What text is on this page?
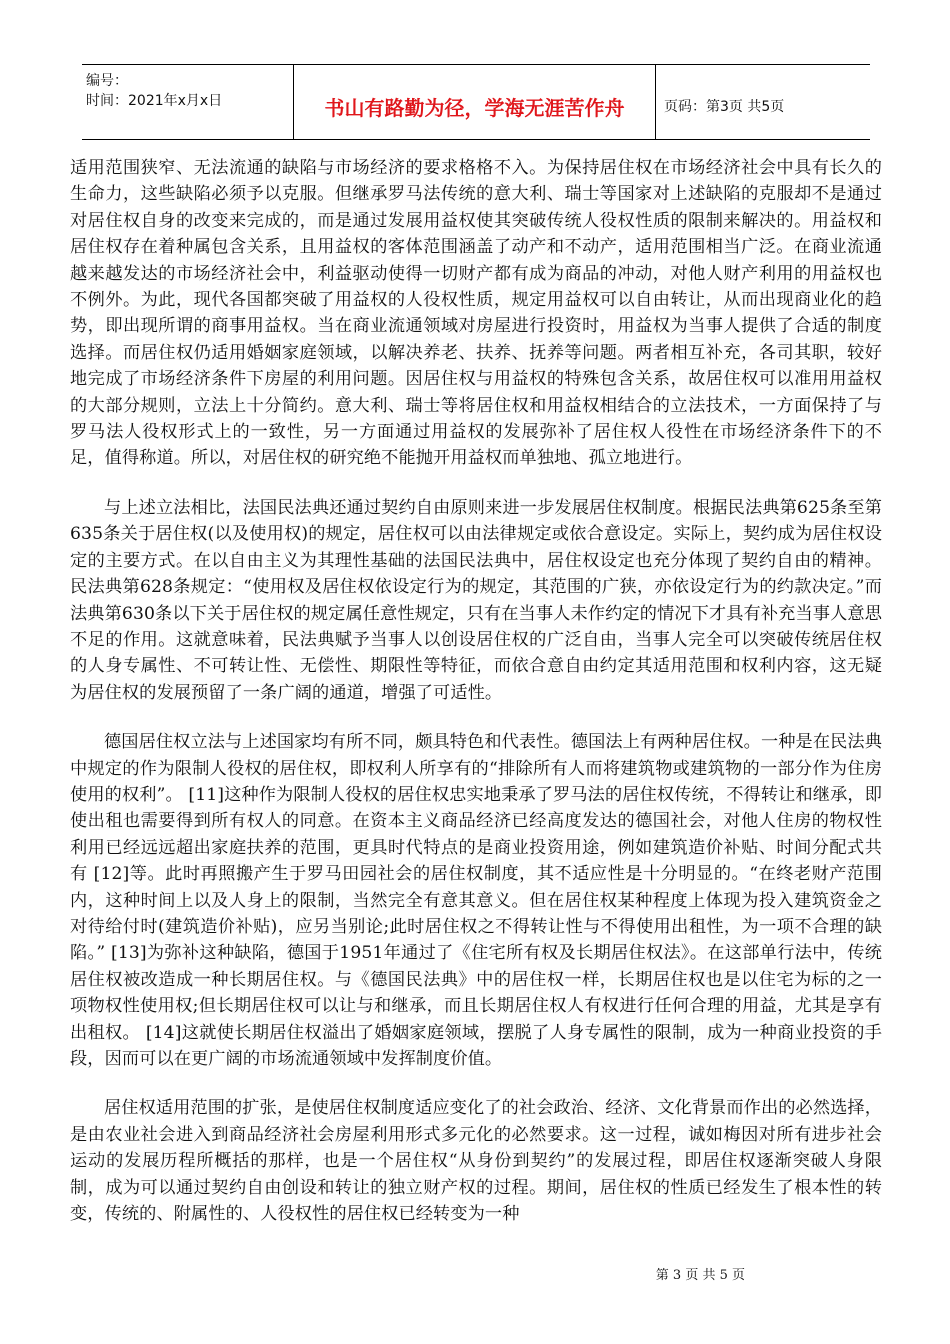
编号：
时间：2021年x月x日	书山有路勤为径，学海无涯苦作舟	页码：第3页 共5页

适用范围狭窄、无法流通的缺陷与市场经济的要求格格不入。为保持居住权在市场经济社会中具有长久的生命力，这些缺陷必须予以克服。但继承罗马法传统的意大利、瑞士等国家对上述缺陷的克服却不是通过对居住权自身的改变来完成的，而是通过发展用益权使其突破传统人役权性质的限制来解决的。用益权和居住权存在着种属包含关系，且用益权的客体范围涵盖了动产和不动产，适用范围相当广泛。在商业流通越来越发达的市场经济社会中，利益驱动使得一切财产都有成为商品的冲动，对他人财产利用的用益权也不例外。为此，现代各国都突破了用益权的人役权性质，规定用益权可以自由转让，从而出现商业化的趋势，即出现所谓的商事用益权。当在商业流通领域对房屋进行投资时，用益权为当事人提供了合适的制度选择。而居住权仍适用婚姻家庭领域，以解决养老、扶养、抚养等问题。两者相互补充，各司其职，较好地完成了市场经济条件下房屋的利用问题。因居住权与用益权的特殊包含关系，故居住权可以准用用益权的大部分规则，立法上十分简约。意大利、瑞士等将居住权和用益权相结合的立法技术，一方面保持了与罗马法人役权形式上的一致性，另一方面通过用益权的发展弥补了居住权人役性在市场经济条件下的不足，值得称道。所以，对居住权的研究绝不能抛开用益权而单独地、孤立地进行。

与上述立法相比，法国民法典还通过契约自由原则来进一步发展居住权制度。根据民法典第625条至第635条关于居住权(以及使用权)的规定，居住权可以由法律规定或依合意设定。实际上，契约成为居住权设定的主要方式。在以自由主义为其理性基础的法国民法典中，居住权设定也充分体现了契约自由的精神。民法典第628条规定：“使用权及居住权依设定行为的规定，其范围的广狭，亦依设定行为的约款决定。”而法典第630条以下关于居住权的规定属任意性规定，只有在当事人未作约定的情况下才具有补充当事人意思不足的作用。这就意味着，民法典赋予当事人以创设居住权的广泛自由，当事人完全可以突破传统居住权的人身专属性、不可转让性、无偿性、期限性等特征，而依合意自由约定其适用范围和权利内容，这无疑为居住权的发展预留了一条广阔的通道，增强了可适性。

德国居住权立法与上述国家均有所不同，颇具特色和代表性。德国法上有两种居住权。一种是在民法典中规定的作为限制人役权的居住权，即权利人所享有的“排除所有人而将建筑物或建筑物的一部分作为住房使用的权利”。 [11]这种作为限制人役权的居住权忠实地秉承了罗马法的居住权传统，不得转让和继承，即使出租也需要得到所有权人的同意。在资本主义商品经济已经高度发达的德国社会，对他人住房的物权性利用已经远远超出家庭扶养的范围，更具时代特点的是商业投资用途，例如建筑造价补贴、时间分配式共有 [12]等。此时再照搬产生于罗马田园社会的居住权制度，其不适应性是十分明显的。“在终老财产范围内，这种时间上以及人身上的限制，当然完全有意其意义。但在居住权某种程度上体现为投入建筑资金之对待给付时(建筑造价补贴)，应另当别论;此时居住权之不得转让性与不得使用出租性，为一项不合理的缺陷。” [13]为弥补这种缺陷，德国于1951年通过了《住宅所有权及长期居住权法》。在这部单行法中，传统居住权被改造成一种长期居住权。与《德国民法典》中的居住权一样，长期居住权也是以住宅为标的之一项物权性使用权;但长期居住权可以让与和继承，而且长期居住权人有权进行任何合理的用益，尤其是享有出租权。 [14]这就使长期居住权溢出了婚姻家庭领域，摆脱了人身专属性的限制，成为一种商业投资的手段，因而可以在更广阔的市场流通领域中发挥制度价值。

居住权适用范围的扩张，是使居住权制度适应变化了的社会政治、经济、文化背景而作出的必然选择，是由农业社会进入到商品经济社会房屋利用形式多元化的必然要求。这一过程，诚如梅因对所有进步社会运动的发展历程所概括的那样，也是一个居住权“从身份到契约”的发展过程，即居住权逐渐突破人身限制，成为可以通过契约自由创设和转让的独立财产权的过程。期间，居住权的性质已经发生了根本性的转变，传统的、附属性的、人役权性的居住权已经转变为一种

第 3 页 共 5 页
